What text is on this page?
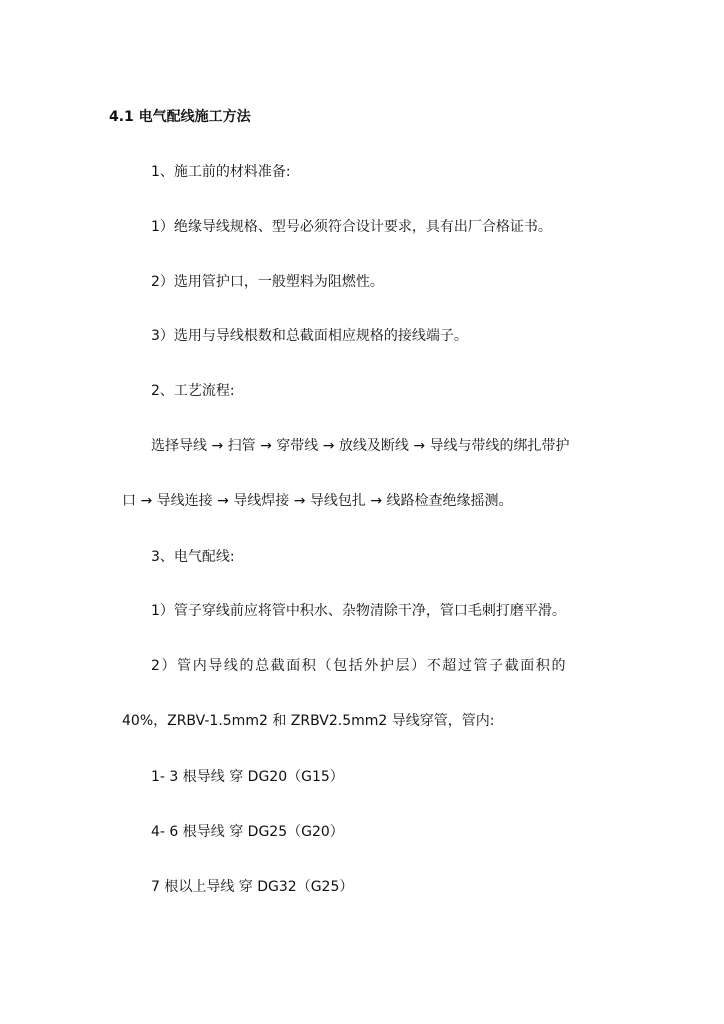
4.1 电气配线施工方法
1、施工前的材料准备:
1）绝缘导线规格、型号必须符合设计要求，具有出厂合格证书。
2）选用管护口，一般塑料为阻燃性。
3）选用与导线根数和总截面相应规格的接线端子。
2、工艺流程:
选择导线 → 扫管 → 穿带线 → 放线及断线 → 导线与带线的绑扎带护
口 → 导线连接 → 导线焊接 → 导线包扎 → 线路检查绝缘摇测。
3、电气配线:
1）管子穿线前应将管中积水、杂物清除干净，管口毛刺打磨平滑。
2）管内导线的总截面积（包括外护层）不超过管子截面积的
40%，ZRBV-1.5mm2 和 ZRBV2.5mm2 导线穿管，管内:
1- 3 根导线 穿 DG20（G15）
4- 6 根导线 穿 DG25（G20）
7 根以上导线 穿 DG32（G25）
